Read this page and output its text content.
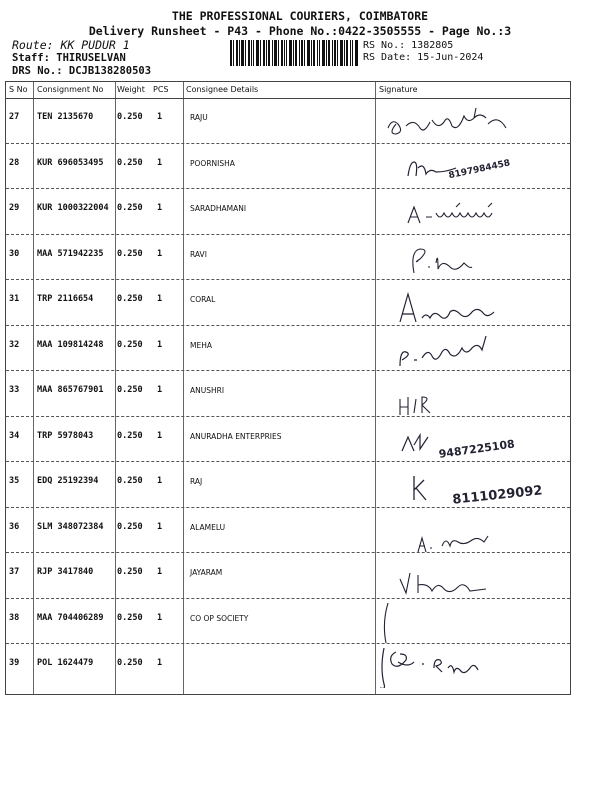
THE PROFESSIONAL COURIERS, COIMBATORE
Delivery Runsheet - P43 - Phone No.:0422-3505555 - Page No.:3
Route: KK PUDUR 1
Staff: THIRUSELVAN
DRS No.: DCJB138280503
RS No.: 1382805
RS Date: 15-Jun-2024
S No Consignment No Weight PCS Consignee Details	Signature
27 TEN 2135670	0.250 1	RAJU
28 KUR 696053495 0.250 1	POORNISHA	8197984458
29 KUR 1000322004 0.250 1	SARADHAMANI
30 MAA 571942235 0.250 1	RAVI
31 TRP 2116654	0.250 1	CORAL
32 MAA 109814248 0.250 1	MEHA
33 MAA 865767901 0.250 1	ANUSHRI
34 TRP 5978043	0.250 1	ANURADHA ENTERPRIES
9487225108
35 EDQ 25192394 0.250 1	RAJ
8111029092
36 SLM 348072384 0.250 1	ALAMELU
37 RJP 3417840	0.250 1	JAYARAM
38 MAA 704406289 0.250 1	CO OP SOCIETY
39 POL 1624479	0.250 1
